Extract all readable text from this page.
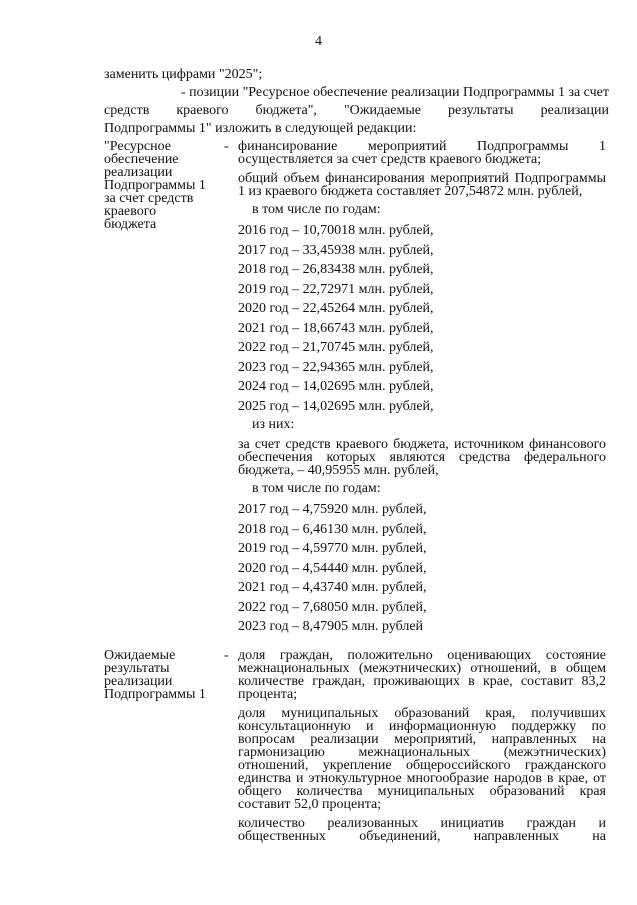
4
заменить цифрами "2025";
- позиции "Ресурсное обеспечение реализации Подпрограммы 1 за счет
средств краевого бюджета", "Ожидаемые результаты реализации
Подпрограммы 1" изложить в следующей редакции:
"Ресурсное
обеспечение
реализации
Подпрограммы 1
за счет средств
краевого
бюджета
- финансирование мероприятий Подпрограммы 1 осуществляется за счет средств краевого бюджета;
общий объем финансирования мероприятий Подпрограммы 1 из краевого бюджета составляет 207,54872 млн. рублей,
в том числе по годам:
2016 год – 10,70018 млн. рублей,
2017 год – 33,45938 млн. рублей,
2018 год – 26,83438 млн. рублей,
2019 год – 22,72971 млн. рублей,
2020 год – 22,45264 млн. рублей,
2021 год – 18,66743 млн. рублей,
2022 год – 21,70745 млн. рублей,
2023 год – 22,94365 млн. рублей,
2024 год – 14,02695 млн. рублей,
2025 год – 14,02695 млн. рублей,
из них:
за счет средств краевого бюджета, источником финансового обеспечения которых являются средства федерального бюджета, – 40,95955 млн. рублей,
в том числе по годам:
2017 год – 4,75920 млн. рублей,
2018 год – 6,46130 млн. рублей,
2019 год – 4,59770 млн. рублей,
2020 год – 4,54440 млн. рублей,
2021 год – 4,43740 млн. рублей,
2022 год – 7,68050 млн. рублей,
2023 год – 8,47905 млн. рублей
Ожидаемые
результаты
реализации
Подпрограммы 1
- доля граждан, положительно оценивающих состояние межнациональных (межэтнических) отношений, в общем количестве граждан, проживающих в крае, составит 83,2 процента;
доля муниципальных образований края, получивших консультационную и информационную поддержку по вопросам реализации мероприятий, направленных на гармонизацию межнациональных (межэтнических) отношений, укрепление общероссийского гражданского единства и этнокультурное многообразие народов в крае, от общего количества муниципальных образований края составит 52,0 процента;
количество реализованных инициатив граждан и
общественных объединений, направленных на
